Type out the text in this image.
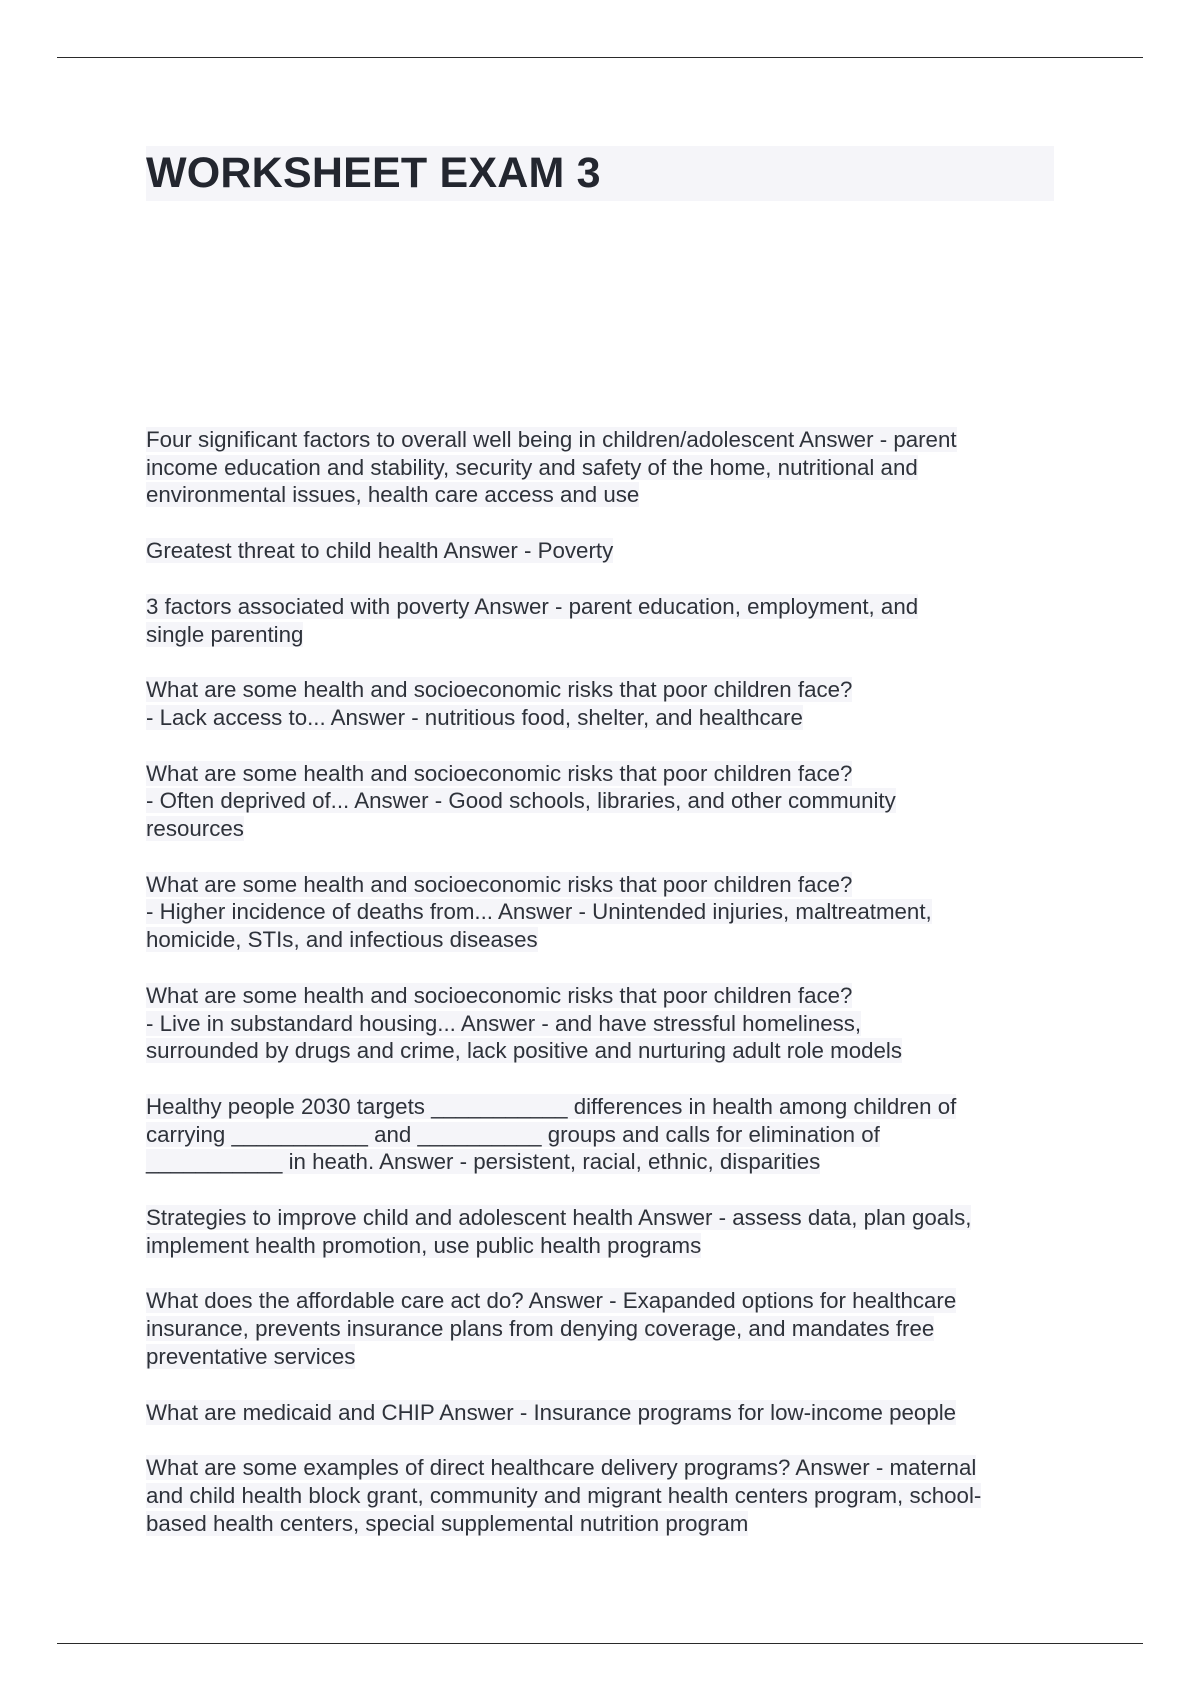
WORKSHEET EXAM 3
Four significant factors to overall well being in children/adolescent Answer - parent
income education and stability, security and safety of the home, nutritional and
environmental issues, health care access and use
Greatest threat to child health Answer - Poverty
3 factors associated with poverty Answer - parent education, employment, and
single parenting
What are some health and socioeconomic risks that poor children face?
- Lack access to... Answer - nutritious food, shelter, and healthcare
What are some health and socioeconomic risks that poor children face?
- Often deprived of... Answer - Good schools, libraries, and other community
resources
What are some health and socioeconomic risks that poor children face?
- Higher incidence of deaths from... Answer - Unintended injuries, maltreatment,
homicide, STIs, and infectious diseases
What are some health and socioeconomic risks that poor children face?
- Live in substandard housing... Answer - and have stressful homeliness,
surrounded by drugs and crime, lack positive and nurturing adult role models
Healthy people 2030 targets ___________ differences in health among children of
carrying ___________ and __________ groups and calls for elimination of
___________ in heath. Answer - persistent, racial, ethnic, disparities
Strategies to improve child and adolescent health Answer - assess data, plan goals,
implement health promotion, use public health programs
What does the affordable care act do? Answer - Exapanded options for healthcare
insurance, prevents insurance plans from denying coverage, and mandates free
preventative services
What are medicaid and CHIP Answer - Insurance programs for low-income people
What are some examples of direct healthcare delivery programs? Answer - maternal
and child health block grant, community and migrant health centers program, school-
based health centers, special supplemental nutrition program
